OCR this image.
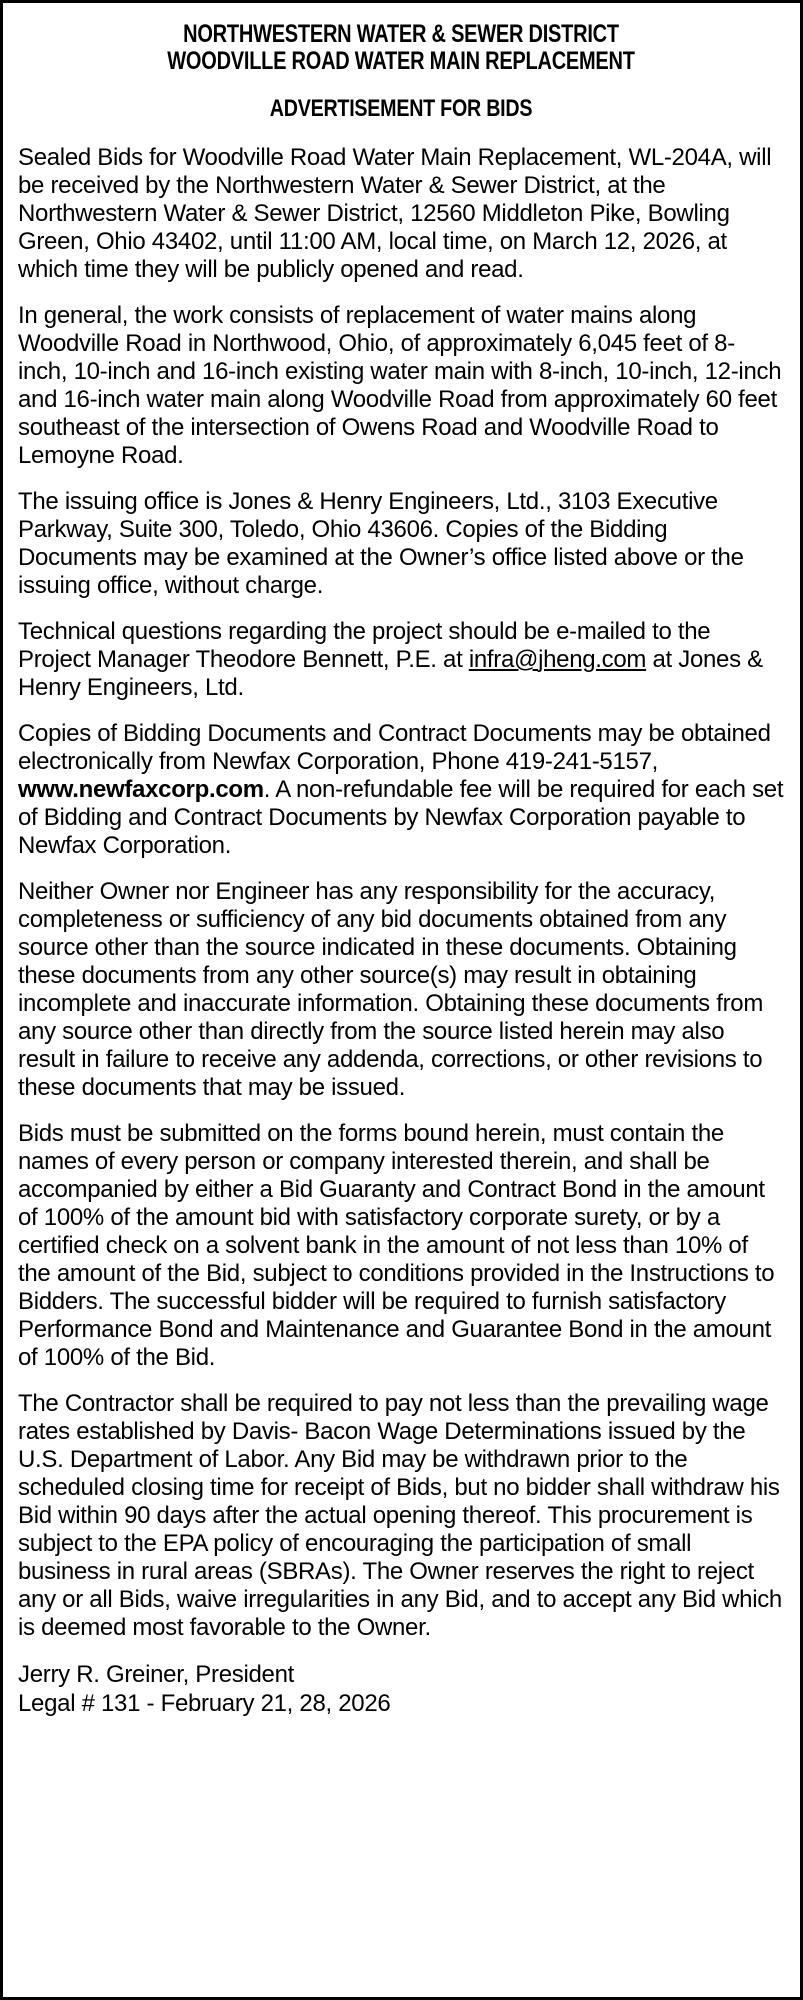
NORTHWESTERN WATER & SEWER DISTRICT
WOODVILLE ROAD WATER MAIN REPLACEMENT
ADVERTISEMENT FOR BIDS

Sealed Bids for Woodville Road Water Main Replacement, WL-204A, will be received by the Northwestern Water & Sewer District, at the Northwestern Water & Sewer District, 12560 Middleton Pike, Bowling Green, Ohio 43402, until 11:00 AM, local time, on March 12, 2026, at which time they will be publicly opened and read.

In general, the work consists of replacement of water mains along Woodville Road in Northwood, Ohio, of approximately 6,045 feet of 8-inch, 10-inch and 16-inch existing water main with 8-inch, 10-inch, 12-inch and 16-inch water main along Woodville Road from approximately 60 feet southeast of the intersection of Owens Road and Woodville Road to Lemoyne Road.

The issuing office is Jones & Henry Engineers, Ltd., 3103 Executive Parkway, Suite 300, Toledo, Ohio 43606. Copies of the Bidding Documents may be examined at the Owner’s office listed above or the issuing office, without charge.

Technical questions regarding the project should be e-mailed to the Project Manager Theodore Bennett, P.E. at infra@jheng.com at Jones & Henry Engineers, Ltd.

Copies of Bidding Documents and Contract Documents may be obtained electronically from Newfax Corporation, Phone 419-241-5157, www.newfaxcorp.com. A non-refundable fee will be required for each set of Bidding and Contract Documents by Newfax Corporation payable to Newfax Corporation.

Neither Owner nor Engineer has any responsibility for the accuracy, completeness or sufficiency of any bid documents obtained from any source other than the source indicated in these documents. Obtaining these documents from any other source(s) may result in obtaining incomplete and inaccurate information. Obtaining these documents from any source other than directly from the source listed herein may also result in failure to receive any addenda, corrections, or other revisions to these documents that may be issued.

Bids must be submitted on the forms bound herein, must contain the names of every person or company interested therein, and shall be accompanied by either a Bid Guaranty and Contract Bond in the amount of 100% of the amount bid with satisfactory corporate surety, or by a certified check on a solvent bank in the amount of not less than 10% of the amount of the Bid, subject to conditions provided in the Instructions to Bidders. The successful bidder will be required to furnish satisfactory Performance Bond and Maintenance and Guarantee Bond in the amount of 100% of the Bid.

The Contractor shall be required to pay not less than the prevailing wage rates established by Davis- Bacon Wage Determinations issued by the U.S. Department of Labor. Any Bid may be withdrawn prior to the scheduled closing time for receipt of Bids, but no bidder shall withdraw his Bid within 90 days after the actual opening thereof. This procurement is subject to the EPA policy of encouraging the participation of small business in rural areas (SBRAs). The Owner reserves the right to reject any or all Bids, waive irregularities in any Bid, and to accept any Bid which is deemed most favorable to the Owner.

Jerry R. Greiner, President
Legal # 131 - February 21, 28, 2026
